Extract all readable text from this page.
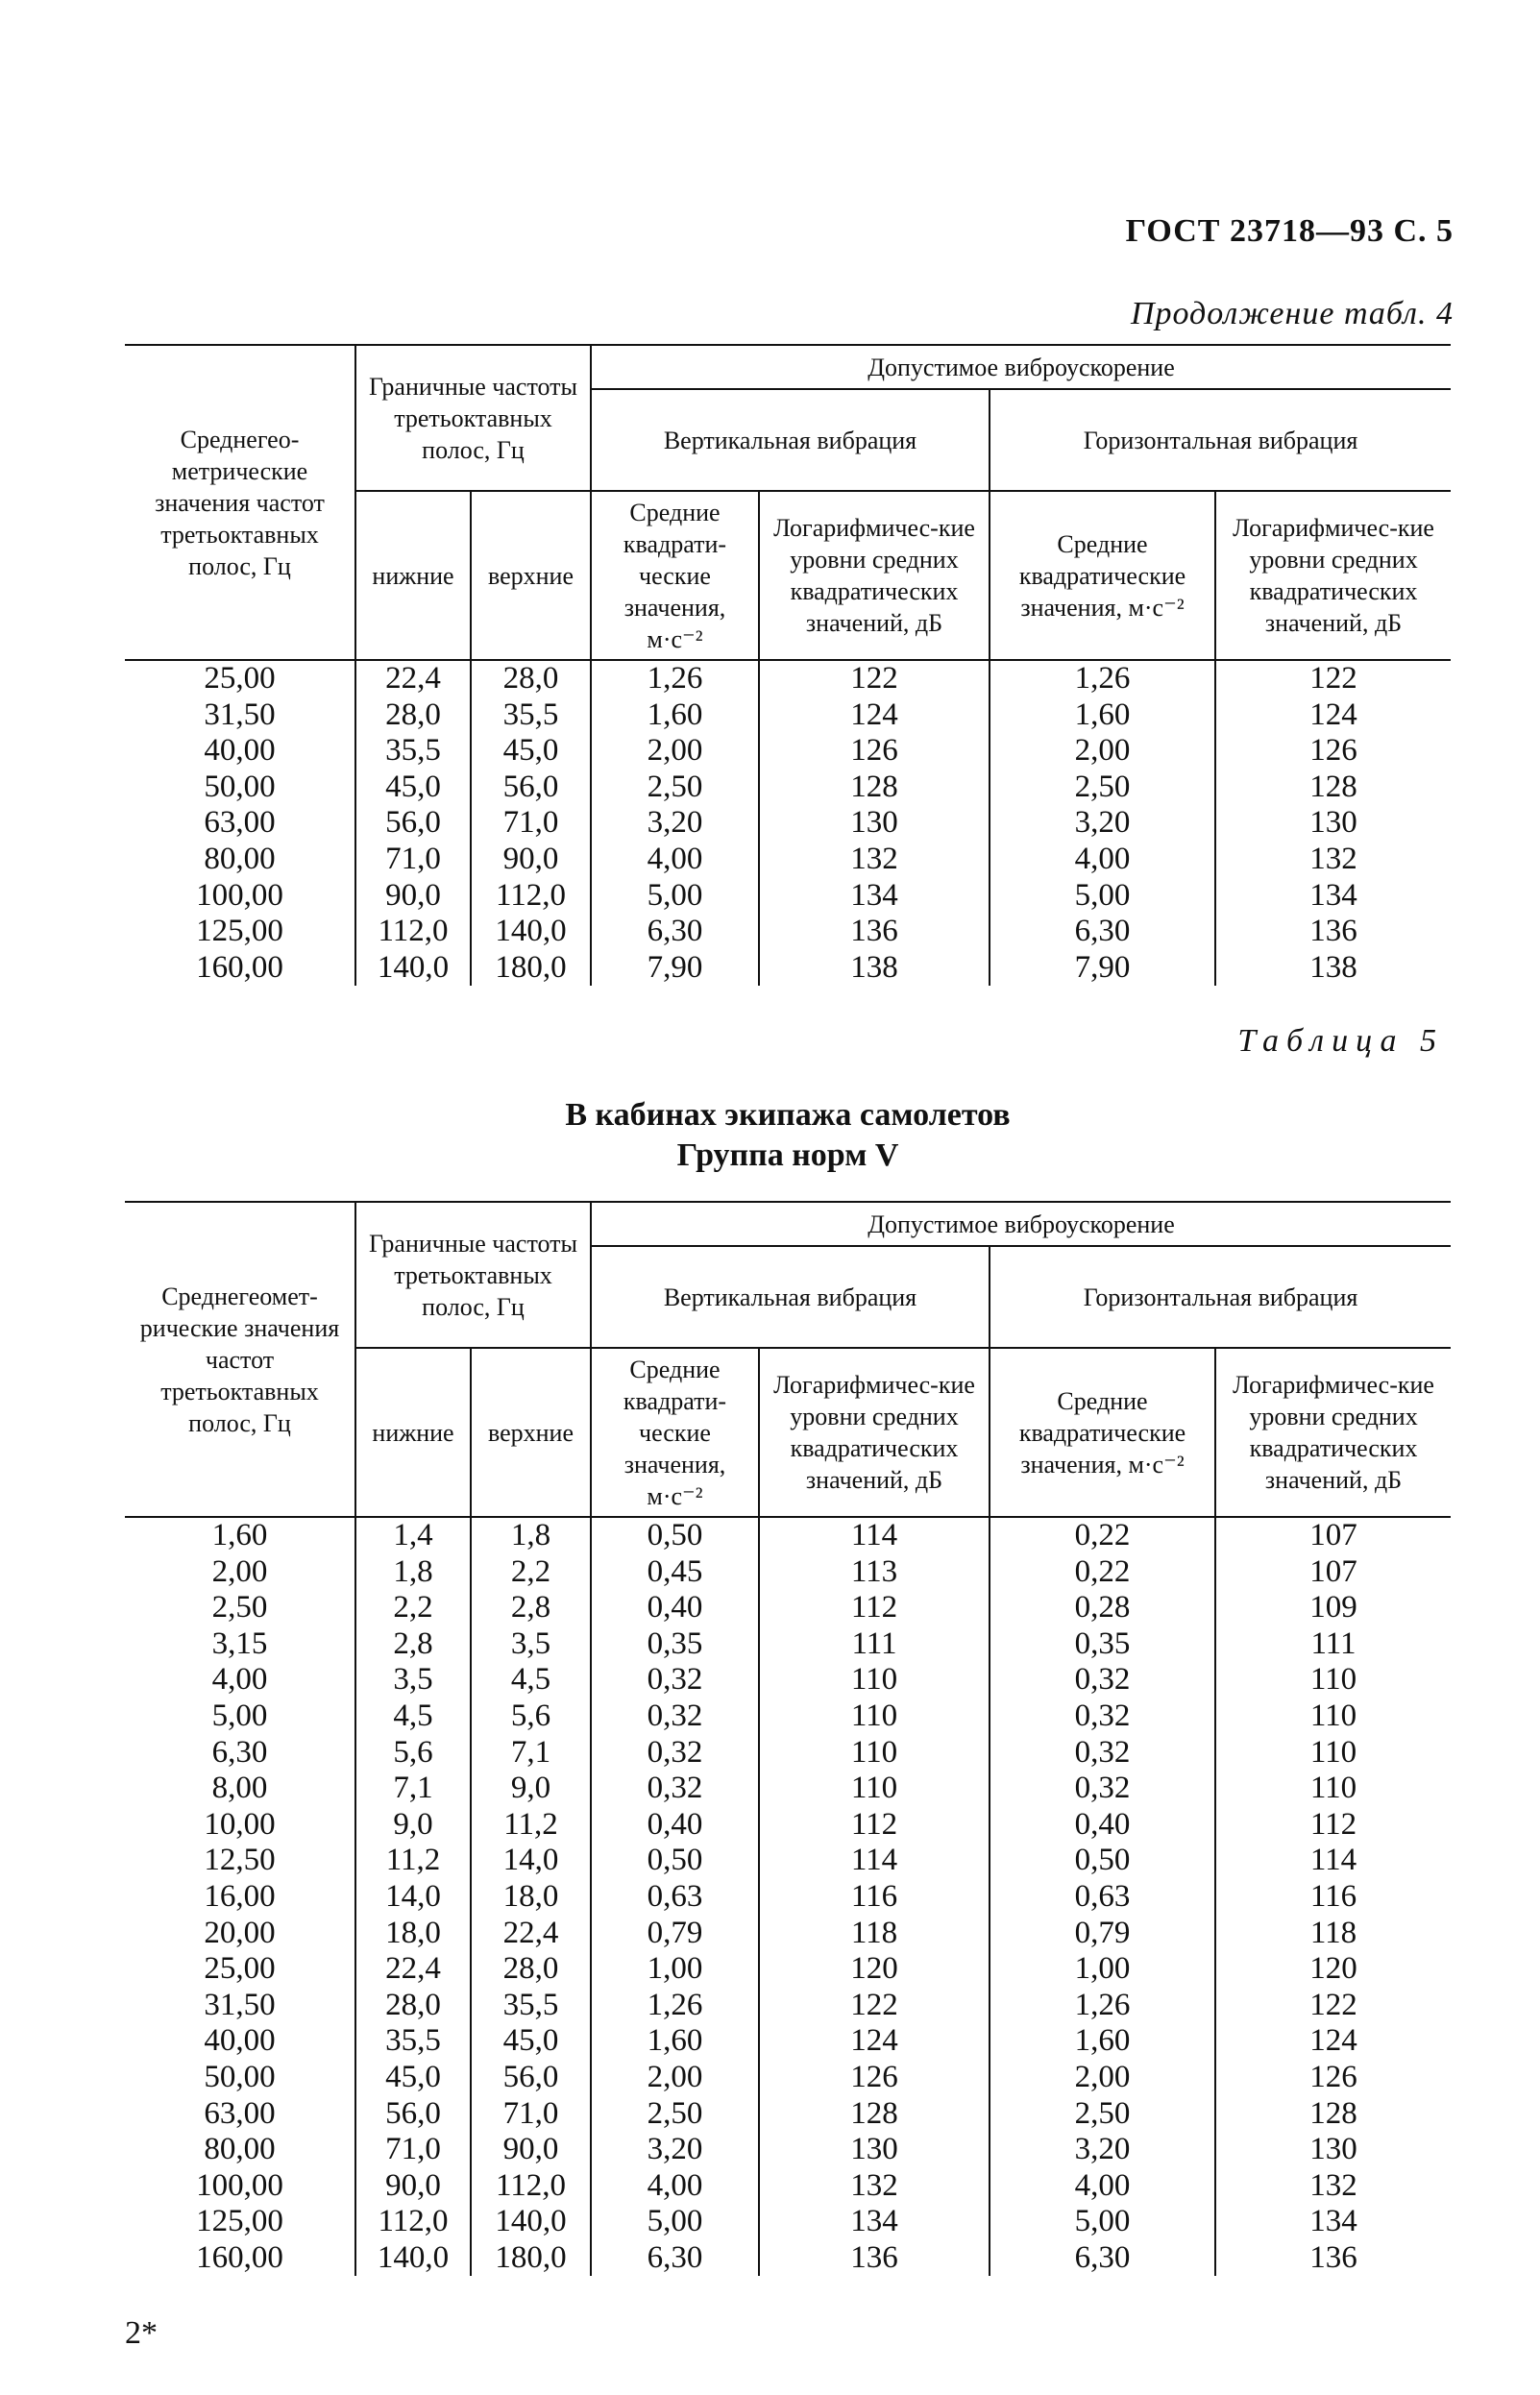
ГОСТ 23718—93 С. 5
Продолжение табл. 4
Среднегео-метрические значения частот третьоктавных полос, Гц	Граничные частоты третьоктавных полос, Гц		Допустимое виброускорение			
			Вертикальная вибрация		Горизонтальная вибрация	
	нижние	верхние	Средние квадрати-ческие значения, м·с⁻²	Логарифмичес-кие уровни средних квадратических значений, дБ	Средние квадратические значения, м·с⁻²	Логарифмичес-кие уровни средних квадратических значений, дБ
25,00	22,4	28,0	1,26	122	1,26	122
31,50	28,0	35,5	1,60	124	1,60	124
40,00	35,5	45,0	2,00	126	2,00	126
50,00	45,0	56,0	2,50	128	2,50	128
63,00	56,0	71,0	3,20	130	3,20	130
80,00	71,0	90,0	4,00	132	4,00	132
100,00	90,0	112,0	5,00	134	5,00	134
125,00	112,0	140,0	6,30	136	6,30	136
160,00	140,0	180,0	7,90	138	7,90	138
Таблица 5
В кабинах экипажа самолетов
Группа норм V
Среднегеомет-рические значения частот третьоктавных полос, Гц	Граничные частоты третьоктавных полос, Гц		Допустимое виброускорение			
			Вертикальная вибрация		Горизонтальная вибрация	
	нижние	верхние	Средние квадрати-ческие значения, м·с⁻²	Логарифмичес-кие уровни средних квадратических значений, дБ	Средние квадратические значения, м·с⁻²	Логарифмичес-кие уровни средних квадратических значений, дБ
1,60	1,4	1,8	0,50	114	0,22	107
2,00	1,8	2,2	0,45	113	0,22	107
2,50	2,2	2,8	0,40	112	0,28	109
3,15	2,8	3,5	0,35	111	0,35	111
4,00	3,5	4,5	0,32	110	0,32	110
5,00	4,5	5,6	0,32	110	0,32	110
6,30	5,6	7,1	0,32	110	0,32	110
8,00	7,1	9,0	0,32	110	0,32	110
10,00	9,0	11,2	0,40	112	0,40	112
12,50	11,2	14,0	0,50	114	0,50	114
16,00	14,0	18,0	0,63	116	0,63	116
20,00	18,0	22,4	0,79	118	0,79	118
25,00	22,4	28,0	1,00	120	1,00	120
31,50	28,0	35,5	1,26	122	1,26	122
40,00	35,5	45,0	1,60	124	1,60	124
50,00	45,0	56,0	2,00	126	2,00	126
63,00	56,0	71,0	2,50	128	2,50	128
80,00	71,0	90,0	3,20	130	3,20	130
100,00	90,0	112,0	4,00	132	4,00	132
125,00	112,0	140,0	5,00	134	5,00	134
160,00	140,0	180,0	6,30	136	6,30	136
2*
